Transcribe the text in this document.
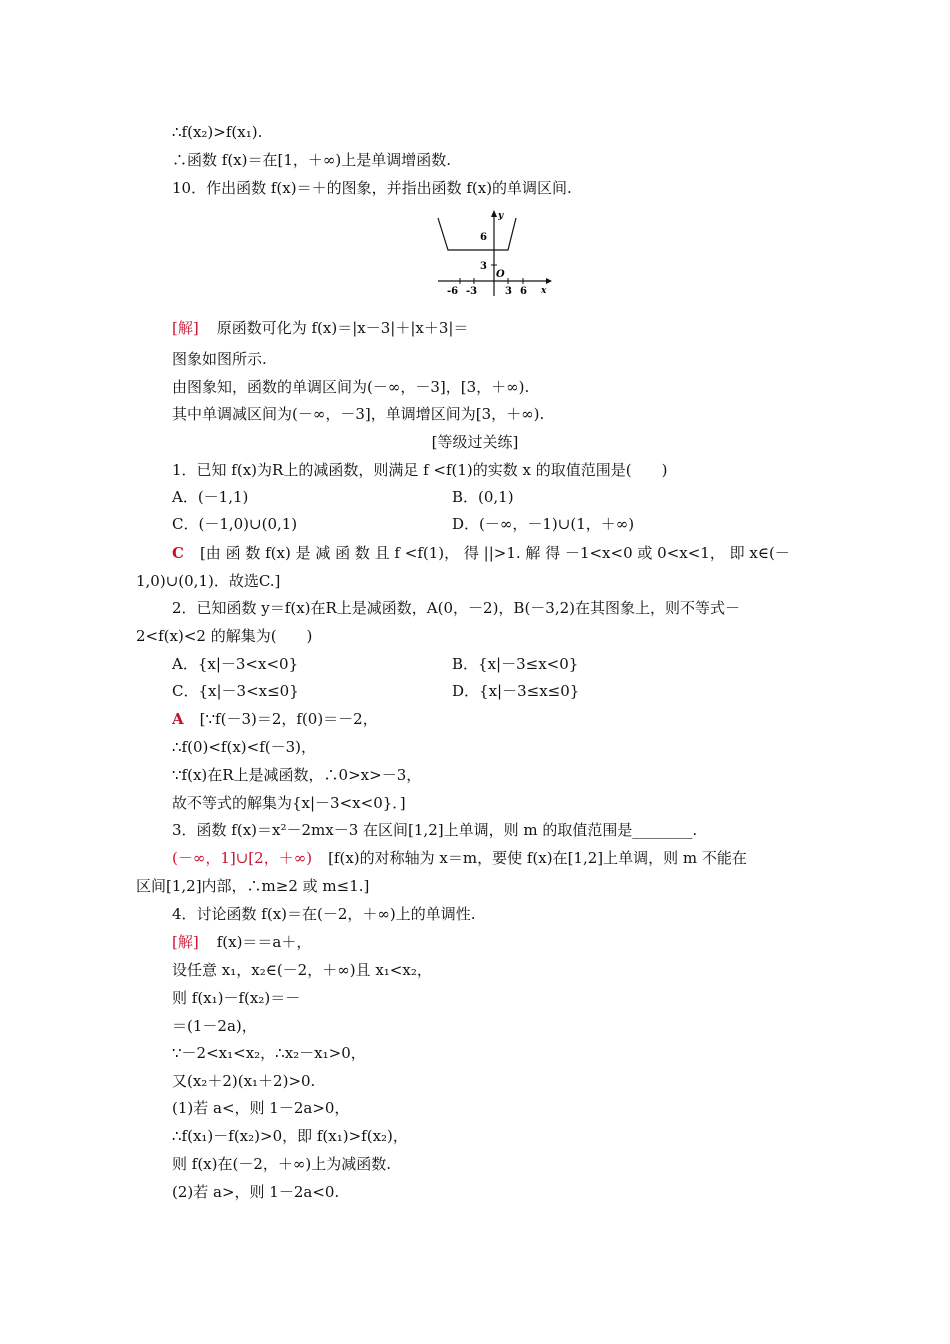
∴f(x₂)>f(x₁).
∴函数 f(x)＝在[1，＋∞)上是单调增函数.
10．作出函数 f(x)＝＋的图象，并指出函数 f(x)的单调区间.
y
x
O
6
3
-6 -3	3 6
[解] 原函数可化为 f(x)＝|x－3|＋|x＋3|＝
图象如图所示.
由图象知，函数的单调区间为(－∞，－3]，[3，＋∞).
其中单调减区间为(－∞，－3]，单调增区间为[3，＋∞).
[等级过关练]
1．已知 f(x)为R上的减函数，则满足 f <f(1)的实数 x 的取值范围是(　　)
A．(－1,1)	B．(0,1)
C．(－1,0)∪(0,1)	D．(－∞，－1)∪(1，＋∞)
C [由 函 数 f(x) 是 减 函 数 且 f <f(1)， 得 ||>1. 解 得 －1<x<0 或 0<x<1， 即 x∈(－
1,0)∪(0,1)．故选C.]
2．已知函数 y＝f(x)在R上是减函数，A(0，－2)，B(－3,2)在其图象上，则不等式－
2<f(x)<2 的解集为(　　)
A．{x|－3<x<0}	B．{x|－3≤x<0}
C．{x|－3<x≤0}	D．{x|－3≤x≤0}
A [∵f(－3)＝2，f(0)＝－2，
∴f(0)<f(x)<f(－3)，
∵f(x)在R上是减函数，∴0>x>－3，
故不等式的解集为{x|－3<x<0}．]
3．函数 f(x)＝x²－2mx－3 在区间[1,2]上单调，则 m 的取值范围是________.
(－∞，1]∪[2，＋∞) [f(x)的对称轴为 x＝m，要使 f(x)在[1,2]上单调，则 m 不能在
区间[1,2]内部，∴m≥2 或 m≤1.]
4．讨论函数 f(x)＝在(－2，＋∞)上的单调性.
[解] f(x)＝＝a＋，
设任意 x₁，x₂∈(－2，＋∞)且 x₁<x₂，
则 f(x₁)－f(x₂)＝－
＝(1－2a)，
∵－2<x₁<x₂，∴x₂－x₁>0，
又(x₂＋2)(x₁＋2)>0.
(1)若 a<，则 1－2a>0，
∴f(x₁)－f(x₂)>0，即 f(x₁)>f(x₂)，
则 f(x)在(－2，＋∞)上为减函数.
(2)若 a>，则 1－2a<0.
